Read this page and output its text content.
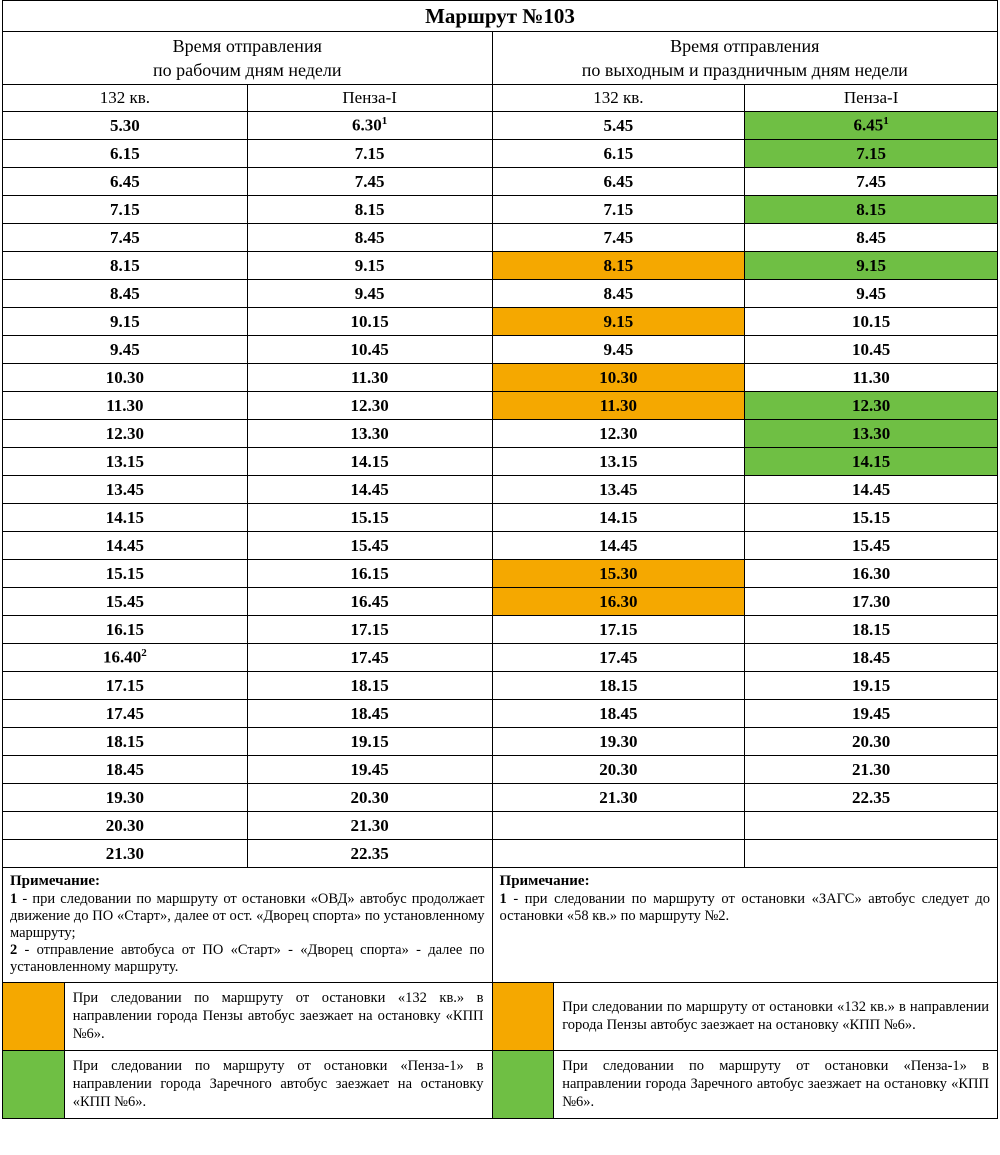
Маршрут №103			

Время отправления
по рабочим дням недели

Время отправления
по выходным и праздничным дням недели

132 кв.	Пенза-I	132 кв.	Пенза-I
5.30	6.30$^1$	5.45	6.45$^1$
6.15	7.15	6.15	7.15
6.45	7.45	6.45	7.45
7.15	8.15	7.15	8.15
7.45	8.45	7.45	8.45
8.15	9.15	8.15	9.15
8.45	9.45	8.45	9.45
9.15	10.15	9.15	10.15
9.45	10.45	9.45	10.45
10.30	11.30	10.30	11.30
11.30	12.30	11.30	12.30
12.30	13.30	12.30	13.30
13.15	14.15	13.15	14.15
13.45	14.45	13.45	14.45
14.15	15.15	14.15	15.15
14.45	15.45	14.45	15.45
15.15	16.15	15.30	16.30
15.45	16.45	16.30	17.30
16.15	17.15	17.15	18.15
16.40$^2$	17.45	17.45	18.45
17.15	18.15	18.15	19.15
17.45	18.45	18.45	19.45
18.15	19.15	19.30	20.30
18.45	19.45	20.30	21.30
19.30	20.30	21.30	22.35
20.30	21.30		
21.30	22.35		
Примечание:
1 - при следовании по маршруту от остановки «ОВД» автобус продолжает движение до ПО «Старт», далее от ост. «Дворец спорта» по установленному маршруту;
2 - отправление автобуса от ПО «Старт» - «Дворец спорта» - далее по установленному маршруту.

Примечание:
1 - при следовании по маршруту от остановки «ЗАГС» автобус следует до остановки «58 кв.» по маршруту №2.

	При следовании по маршруту от остановки «132 кв.» в направлении города Пензы автобус заезжает на остановку «КПП №6».		При следовании по маршруту от остановки «132 кв.» в направлении города Пензы автобус заезжает на остановку «КПП №6».

	При следовании по маршруту от остановки «Пенза-1» в направлении города Заречного автобус заезжает на остановку «КПП №6».		При следовании по маршруту от остановки «Пенза-1» в направлении города Заречного автобус заезжает на остановку «КПП №6».
